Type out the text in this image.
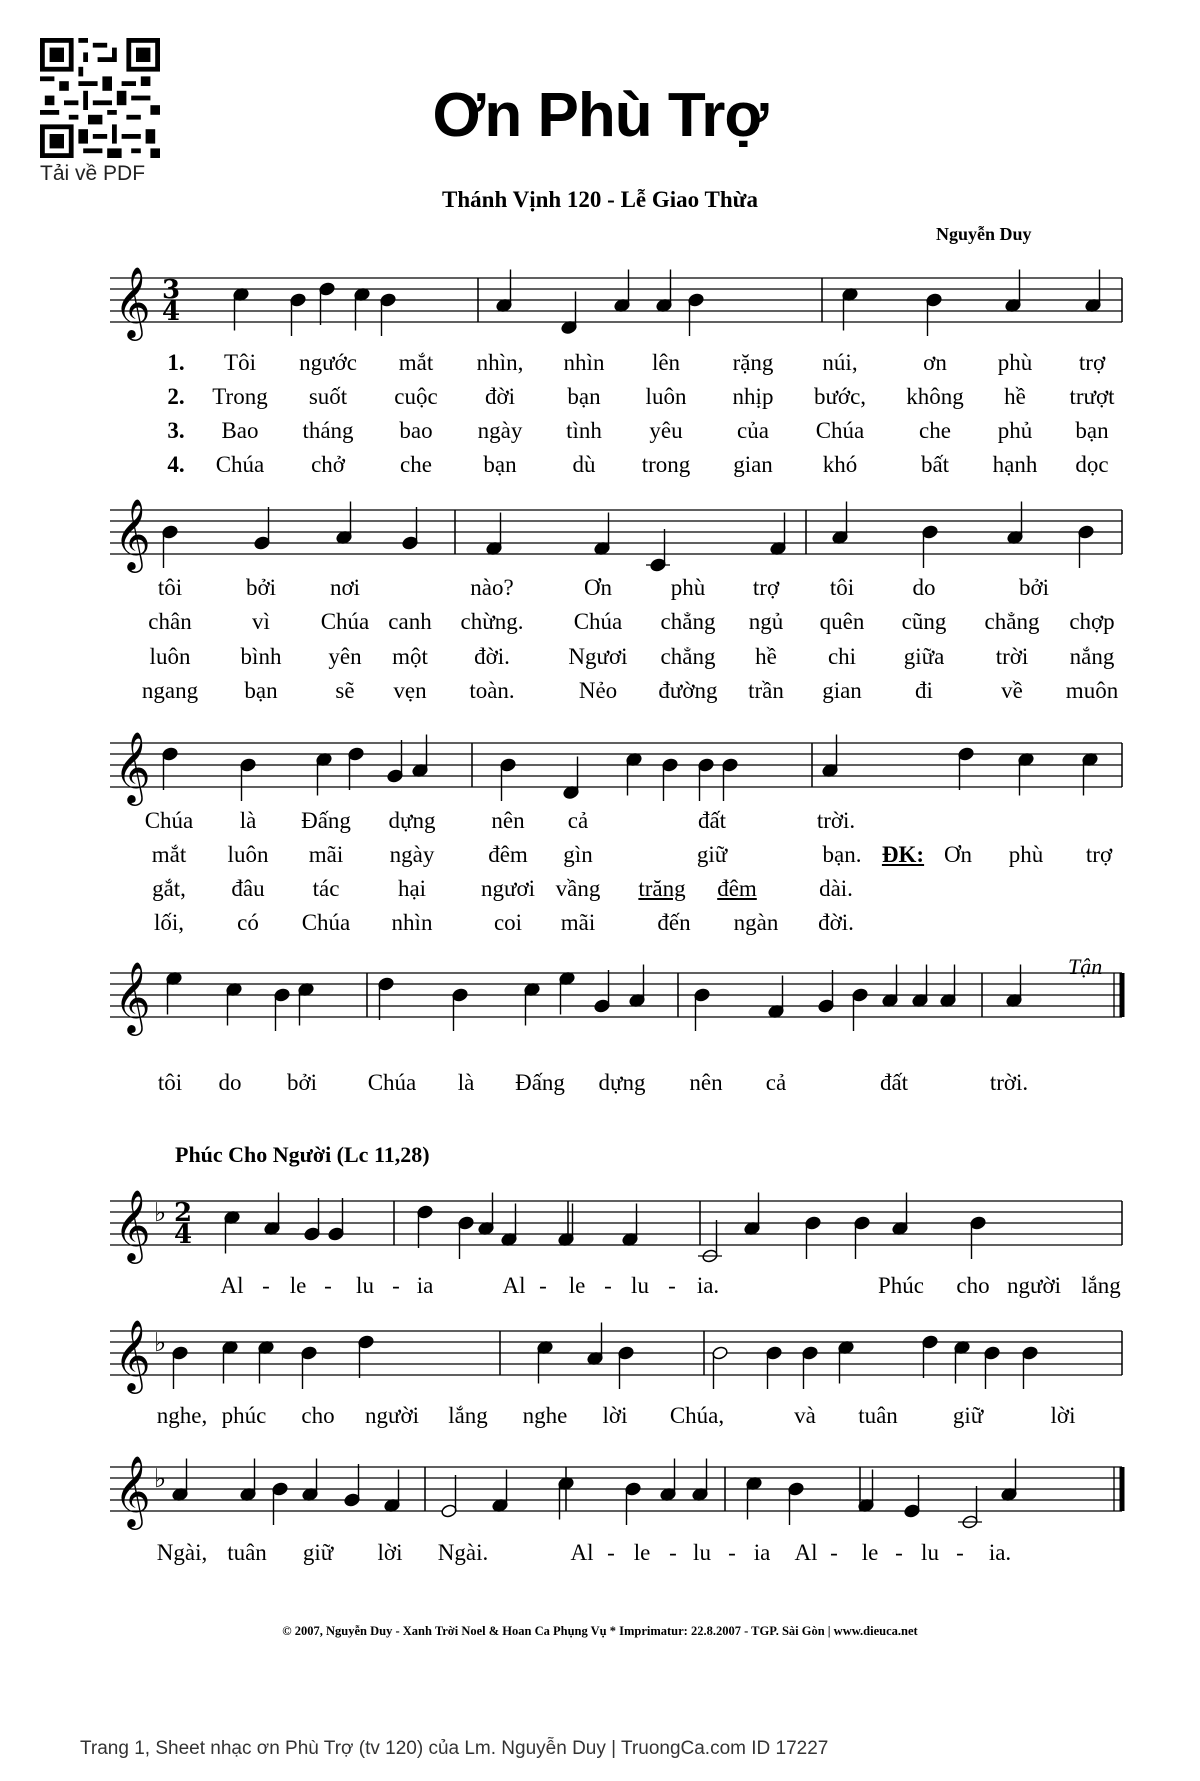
Tải về PDF
Ơn Phù Trợ
Thánh Vịnh 120 - Lễ Giao Thừa
Nguyễn Duy
𝄞 3
4
𝄞
𝄞
𝄞
𝄞 ♭ 2
4
𝄞 ♭
𝄞 ♭
Tận
Phúc Cho Người (Lc 11,28)
1. Tôi ngước mắt nhìn, nhìn lên rặng núi,	ơn phù trợ
2. Trong suốt cuộc đời bạn luôn nhịp bước, không hề trượt
3. Bao tháng bao ngày tình yêu của Chúa che phủ bạn
4. Chúa chở che bạn dù trong gian khó	bất hạnh dọc
tôi	bởi nơi	nào?	Ơn	phù trợ tôi	do	bởi
chân	vì Chúa canh chừng. Chúa chẳng ngủ quên cũng chẳng chợp
luôn bình yên một đời.	Ngươi chẳng hề chi giữa trời nắng
ngang bạn	sẽ vẹn toàn.	Nẻo đường trần gian đi	về muôn
Chúa là Đấng dựng nên cả	đất	trời.
mắt luôn mãi ngày đêm gìn	giữ	bạn. ĐK: Ơn phù trợ
gắt, đâu tác	hại ngươi vầng trăng đêm	dài.
lối, có Chúa nhìn	coi mãi	đến ngàn đời.
tôi do bởi Chúa là Đấng dựng nên cả	đất	trời.
Al - le - lu - ia	Al - le - lu - ia.	Phúc cho người lắng
nghe, phúc cho người lắng nghe lời Chúa,	và tuân giữ	lời
Ngài, tuân giữ lời Ngài.	Al - le - lu - ia Al - le - lu - ia.
© 2007, Nguyễn Duy - Xanh Trời Noel & Hoan Ca Phụng Vụ * Imprimatur: 22.8.2007 - TGP. Sài Gòn | www.dieuca.net
Trang 1, Sheet nhạc ơn Phù Trợ (tv 120) của Lm. Nguyễn Duy | TruongCa.com ID 17227
